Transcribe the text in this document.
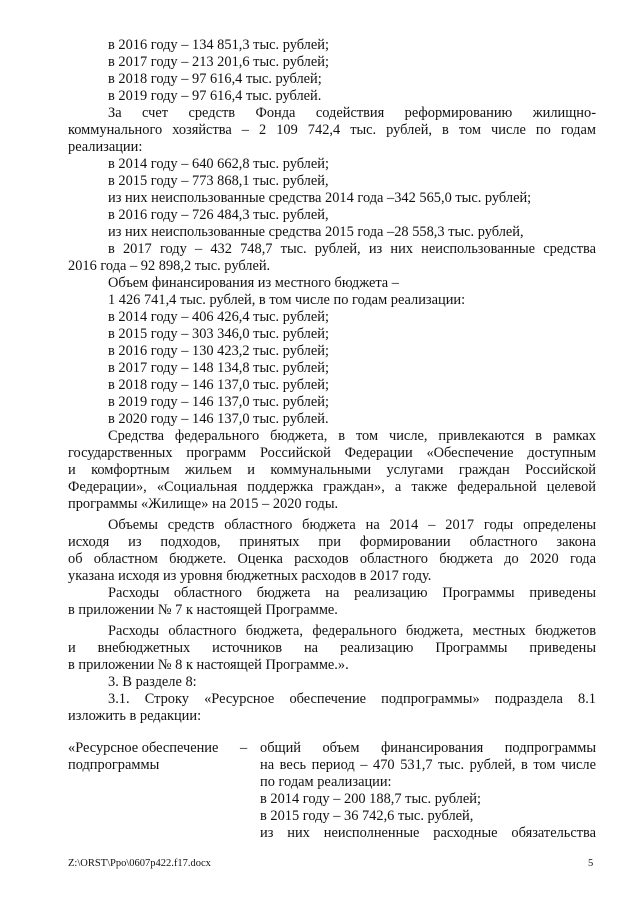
в 2016 году – 134 851,3 тыс. рублей;
в 2017 году – 213 201,6 тыс. рублей;
в 2018 году – 97 616,4 тыс. рублей;
в 2019 году – 97 616,4 тыс. рублей.
За счет средств Фонда содействия реформированию жилищно-
коммунального хозяйства – 2 109 742,4 тыс. рублей, в том числе по годам
реализации:
в 2014 году – 640 662,8 тыс. рублей;
в 2015 году – 773 868,1 тыс. рублей,
из них неиспользованные средства 2014 года –342 565,0 тыс. рублей;
в 2016 году – 726 484,3 тыс. рублей,
из них неиспользованные средства 2015 года –28 558,3 тыс. рублей,
в 2017 году – 432 748,7 тыс. рублей, из них неиспользованные средства
2016 года – 92 898,2 тыс. рублей.
Объем финансирования из местного бюджета –
1 426 741,4 тыс. рублей, в том числе по годам реализации:
в 2014 году – 406 426,4 тыс. рублей;
в 2015 году – 303 346,0 тыс. рублей;
в 2016 году – 130 423,2 тыс. рублей;
в 2017 году – 148 134,8 тыс. рублей;
в 2018 году – 146 137,0 тыс. рублей;
в 2019 году – 146 137,0 тыс. рублей;
в 2020 году – 146 137,0 тыс. рублей.
Средства федерального бюджета, в том числе, привлекаются в рамках
государственных программ Российской Федерации «Обеспечение доступным
и комфортным жильем и коммунальными услугами граждан Российской
Федерации», «Социальная поддержка граждан», а также федеральной целевой
программы «Жилище» на 2015 – 2020 годы.
Объемы средств областного бюджета на 2014 – 2017 годы определены
исходя из подходов, принятых при формировании областного закона
об областном бюджете. Оценка расходов областного бюджета до 2020 года
указана исходя из уровня бюджетных расходов в 2017 году.
Расходы областного бюджета на реализацию Программы приведены
в приложении № 7 к настоящей Программе.
Расходы областного бюджета, федерального бюджета, местных бюджетов
и внебюджетных источников на реализацию Программы приведены
в приложении № 8 к настоящей Программе.».
3. В разделе 8:
3.1. Строку «Ресурсное обеспечение подпрограммы» подраздела 8.1
изложить в редакции:
«Ресурсное обеспечение
подпрограммы
– общий объем финансирования подпрограммы
на весь период – 470 531,7 тыс. рублей, в том числе
по годам реализации:
в 2014 году – 200 188,7 тыс. рублей;
в 2015 году – 36 742,6 тыс. рублей,
из них неисполненные расходные обязательства
Z:\ORST\Ppo\0607p422.f17.docx	5
